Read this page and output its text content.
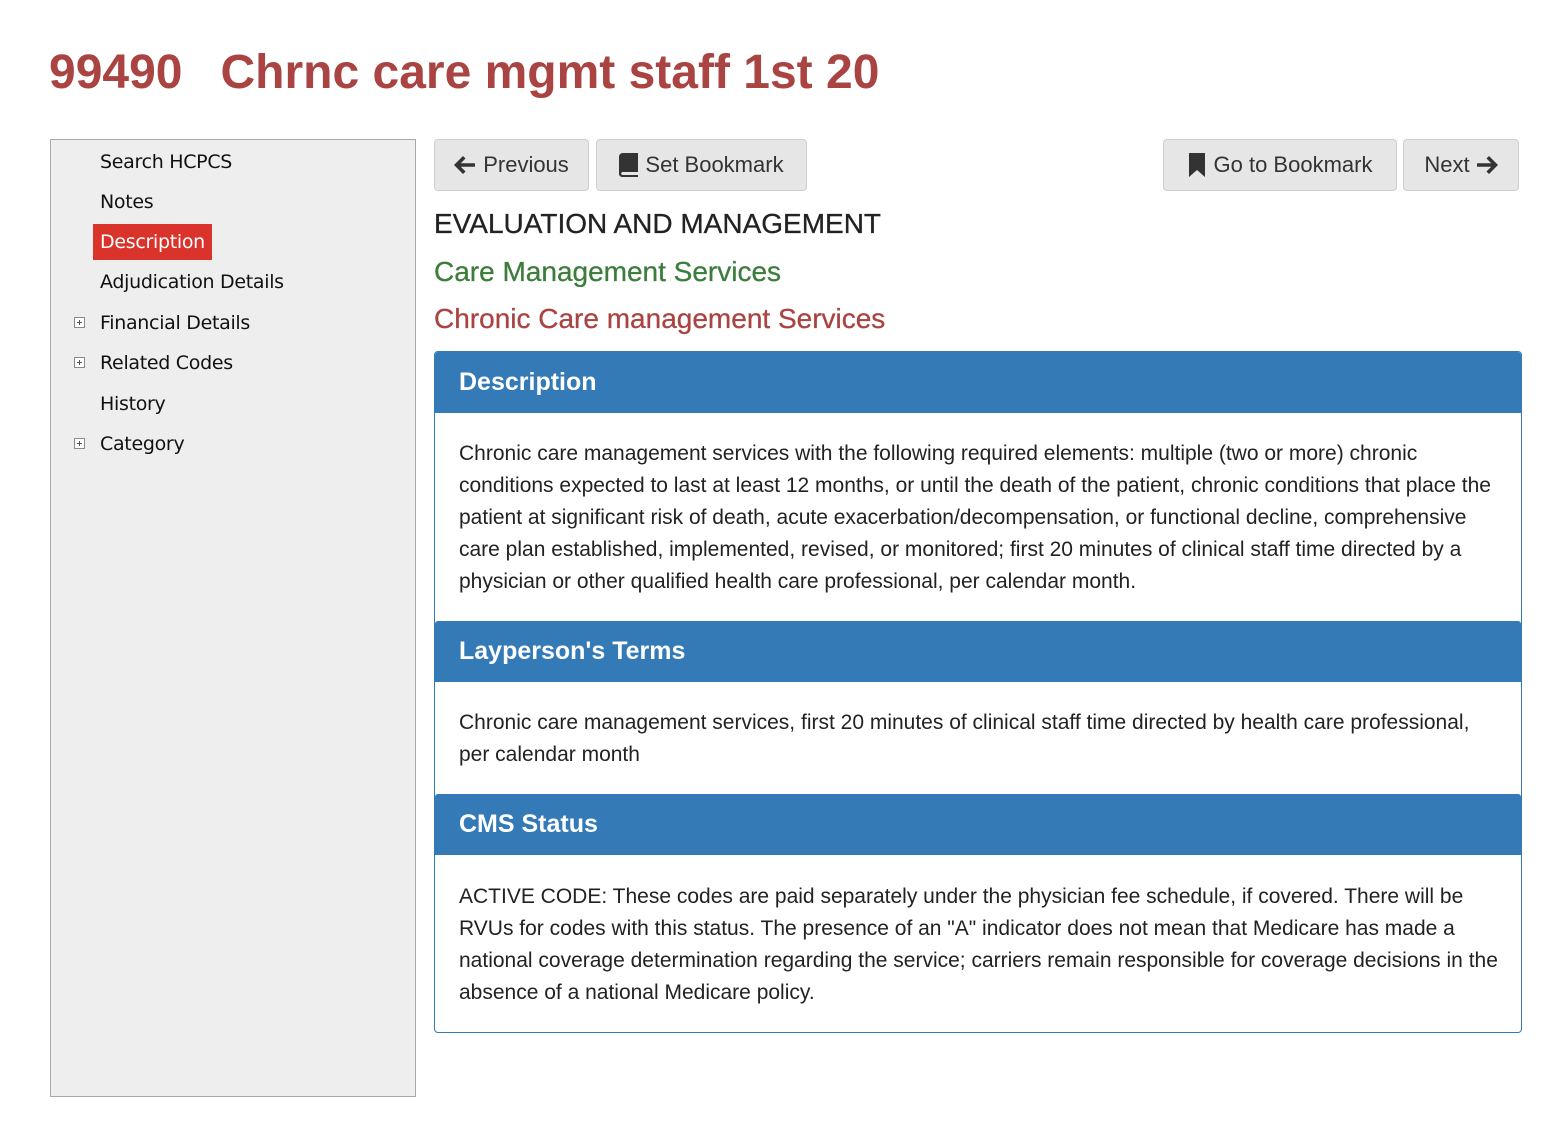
99490 Chrnc care mgmt staff 1st 20
Search HCPCS
Notes
Description
Adjudication Details
Financial Details
Related Codes
History
Category
Previous	Set Bookmark	Go to Bookmark Next
EVALUATION AND MANAGEMENT
Care Management Services
Chronic Care management Services
Description
Chronic care management services with the following required elements: multiple (two or more) chronic conditions expected to last at least 12 months, or until the death of the patient, chronic conditions that place the patient at significant risk of death, acute exacerbation/decompensation, or functional decline, comprehensive care plan established, implemented, revised, or monitored; first 20 minutes of clinical staff time directed by a physician or other qualified health care professional, per calendar month.
Layperson's Terms
Chronic care management services, first 20 minutes of clinical staff time directed by health care professional, per calendar month
CMS Status
ACTIVE CODE: These codes are paid separately under the physician fee schedule, if covered. There will be RVUs for codes with this status. The presence of an "A" indicator does not mean that Medicare has made a national coverage determination regarding the service; carriers remain responsible for coverage decisions in the absence of a national Medicare policy.
